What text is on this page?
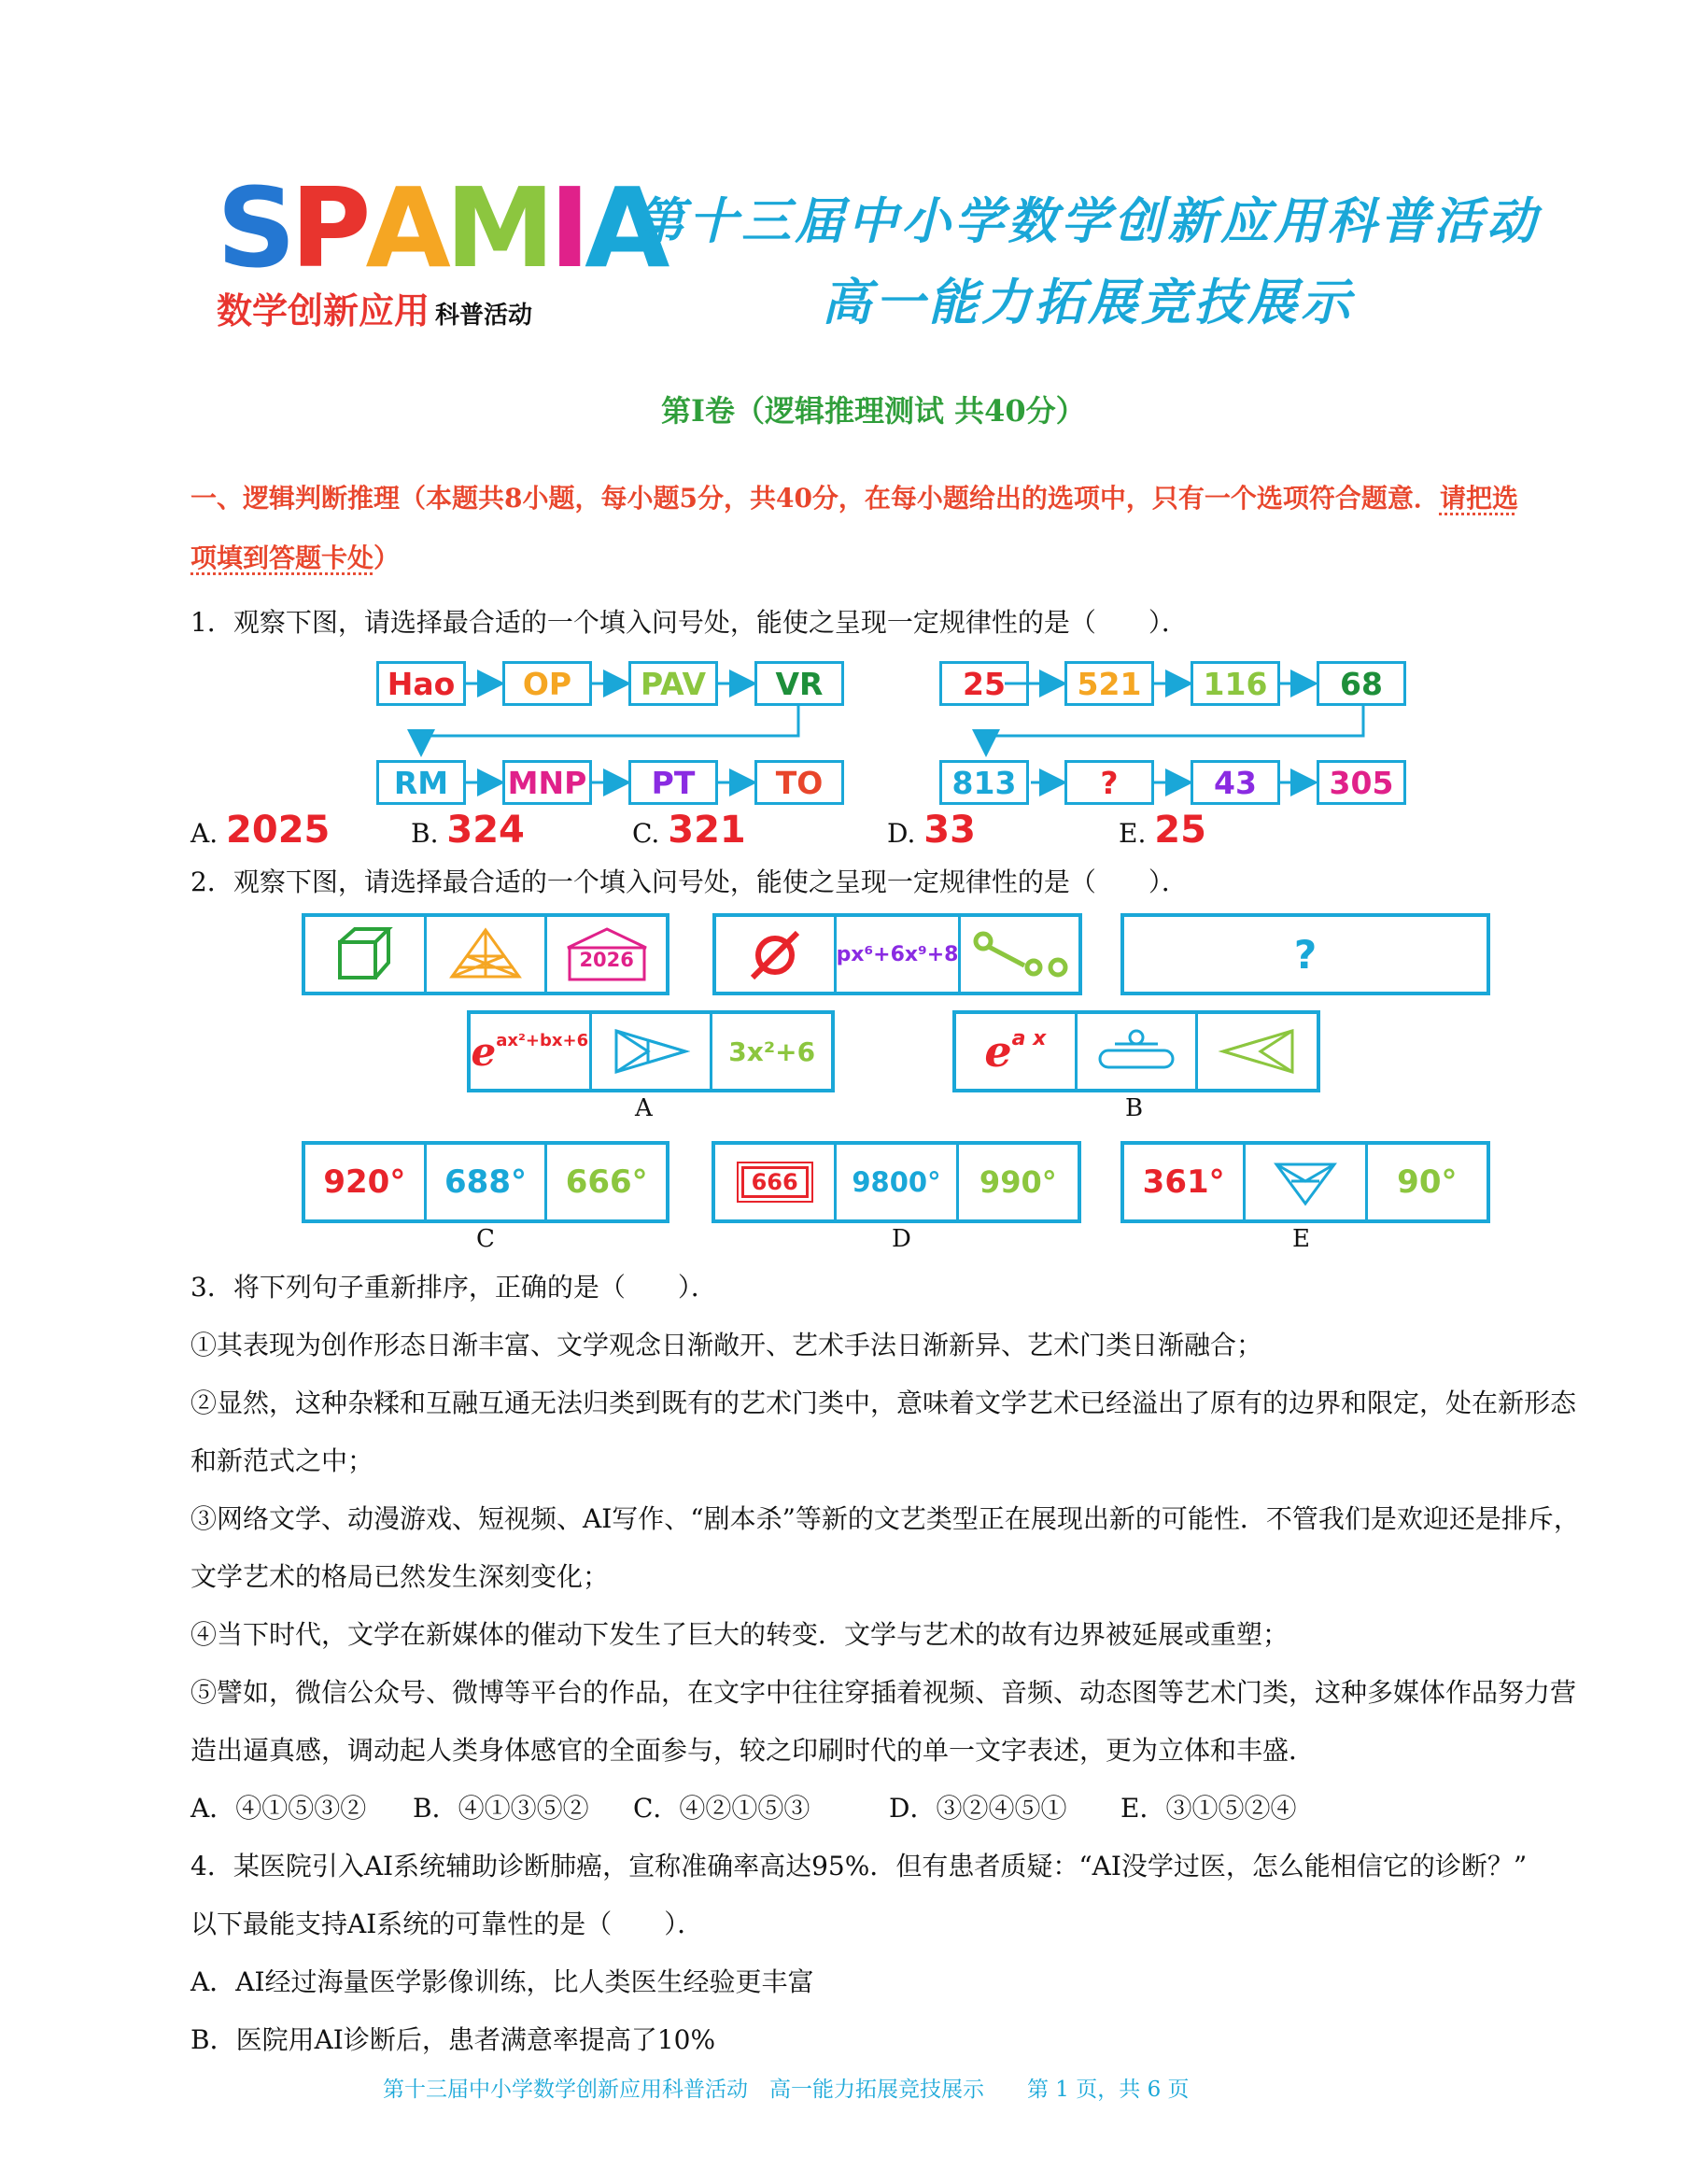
SPAMIA
数学创新应用 科普活动
第十三届中小学数学创新应用科普活动
高一能力拓展竞技展示
第Ⅰ卷（逻辑推理测试 共40分）
一、逻辑判断推理（本题共8小题，每小题5分，共40分，在每小题给出的选项中，只有一个选项符合题意．请把选
项填到答题卡处）
1．观察下图，请选择最合适的一个填入问号处，能使之呈现一定规律性的是（　　）．
Hao	OP	PAV	VR
RM	MNP	PT	TO
25	521	116	68
813	?	43	305
A. 2025	B. 324	C. 321	D. 33	E. 25
2．观察下图，请选择最合适的一个填入问号处，能使之呈现一定规律性的是（　　）．
2026	px⁶+6x⁹+8	?
$e^{ax^2+bx+6}$	3x²+6
A
$e^{a x}$
B
920°	688°	666°
C
666	9800°	990°
D
361°	90°
E
3．将下列句子重新排序，正确的是（　　）．
①其表现为创作形态日渐丰富、文学观念日渐敞开、艺术手法日渐新异、艺术门类日渐融合；
②显然，这种杂糅和互融互通无法归类到既有的艺术门类中，意味着文学艺术已经溢出了原有的边界和限定，处在新形态和新范式之中；
③网络文学、动漫游戏、短视频、AI写作、“剧本杀”等新的文艺类型正在展现出新的可能性．不管我们是欢迎还是排斥，文学艺术的格局已然发生深刻变化；
④当下时代，文学在新媒体的催动下发生了巨大的转变．文学与艺术的故有边界被延展或重塑；
⑤譬如，微信公众号、微博等平台的作品，在文字中往往穿插着视频、音频、动态图等艺术门类，这种多媒体作品努力营造出逼真感，调动起人类身体感官的全面参与，较之印刷时代的单一文字表述，更为立体和丰盛．
A．④①⑤③② B．④①③⑤② C．④②①⑤③	D．③②④⑤① E．③①⑤②④
4．某医院引入AI系统辅助诊断肺癌，宣称准确率高达95%．但有患者质疑：“AI没学过医，怎么能相信它的诊断？”
以下最能支持AI系统的可靠性的是（　　）．
A．AI经过海量医学影像训练，比人类医生经验更丰富
B．医院用AI诊断后，患者满意率提高了10%
第十三届中小学数学创新应用科普活动　高一能力拓展竞技展示　　第 1 页，共 6 页
